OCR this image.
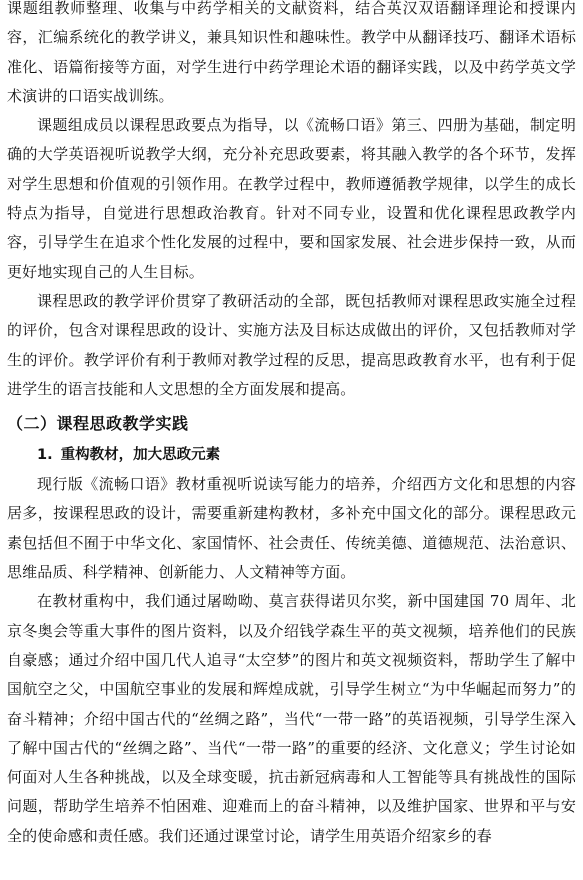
课题组教师整理、收集与中药学相关的文献资料，结合英汉双语翻译理论和授课内容，汇编系统化的教学讲义，兼具知识性和趣味性。教学中从翻译技巧、翻译术语标准化、语篇衔接等方面，对学生进行中药学理论术语的翻译实践，以及中药学英文学术演讲的口语实战训练。

课题组成员以课程思政要点为指导，以《流畅口语》第三、四册为基础，制定明确的大学英语视听说教学大纲，充分补充思政要素，将其融入教学的各个环节，发挥对学生思想和价值观的引领作用。在教学过程中，教师遵循教学规律，以学生的成长特点为指导，自觉进行思想政治教育。针对不同专业，设置和优化课程思政教学内容，引导学生在追求个性化发展的过程中，要和国家发展、社会进步保持一致，从而更好地实现自己的人生目标。

课程思政的教学评价贯穿了教研活动的全部，既包括教师对课程思政实施全过程的评价，包含对课程思政的设计、实施方法及目标达成做出的评价，又包括教师对学生的评价。教学评价有利于教师对教学过程的反思，提高思政教育水平，也有利于促进学生的语言技能和人文思想的全方面发展和提高。

（二）课程思政教学实践
1. 重构教材，加大思政元素

现行版《流畅口语》教材重视听说读写能力的培养，介绍西方文化和思想的内容居多，按课程思政的设计，需要重新建构教材，多补充中国文化的部分。课程思政元素包括但不囿于中华文化、家国情怀、社会责任、传统美德、道德规范、法治意识、思维品质、科学精神、创新能力、人文精神等方面。

在教材重构中，我们通过屠呦呦、莫言获得诺贝尔奖，新中国建国 70 周年、北京冬奥会等重大事件的图片资料，以及介绍钱学森生平的英文视频，培养他们的民族自豪感；通过介绍中国几代人追寻“太空梦”的图片和英文视频资料，帮助学生了解中国航空之父，中国航空事业的发展和辉煌成就，引导学生树立“为中华崛起而努力”的奋斗精神；介绍中国古代的“丝绸之路”，当代“一带一路”的英语视频，引导学生深入了解中国古代的“丝绸之路”、当代“一带一路”的重要的经济、文化意义；学生讨论如何面对人生各种挑战，以及全球变暖，抗击新冠病毒和人工智能等具有挑战性的国际问题，帮助学生培养不怕困难、迎难而上的奋斗精神，以及维护国家、世界和平与安全的使命感和责任感。我们还通过课堂讨论，请学生用英语介绍家乡的春
